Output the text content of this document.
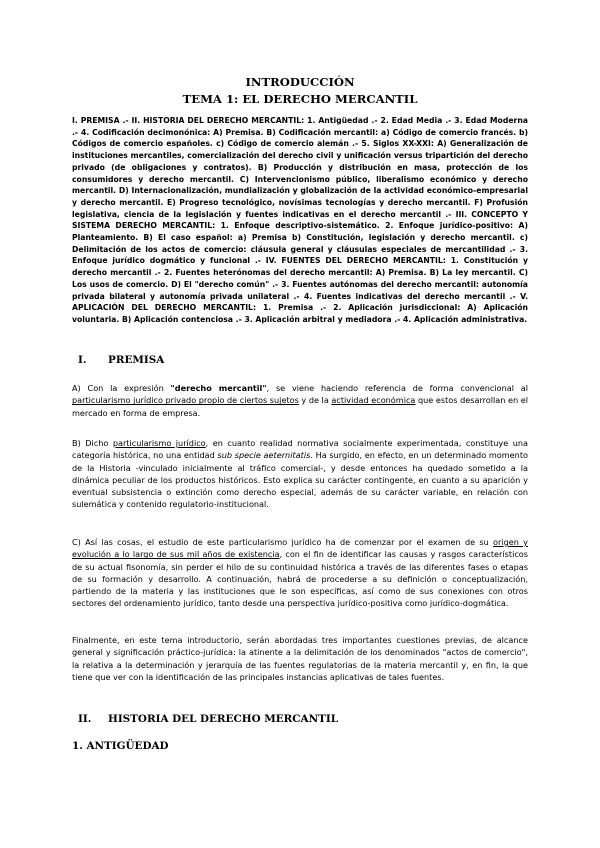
INTRODUCCIÓN
TEMA 1: EL DERECHO MERCANTIL
I. PREMISA .- II. HISTORIA DEL DERECHO MERCANTIL: 1. Antigüedad .- 2. Edad Media .- 3. Edad Moderna .- 4. Codificación decimonónica: A) Premisa. B) Codificación mercantil: a) Código de comercio francés. b) Códigos de comercio españoles. c) Código de comercio alemán .- 5. Siglos XX-XXI: A) Generalización de instituciones mercantiles, comercialización del derecho civil y unificación versus tripartición del derecho privado (de obligaciones y contratos). B) Producción y distribución en masa, protección de los consumidores y derecho mercantil. C) Intervencionismo público, liberalismo económico y derecho mercantil. D) Internacionalización, mundialización y globalización de la actividad económico-empresarial y derecho mercantil. E) Progreso tecnológico, novísimas tecnologías y derecho mercantil. F) Profusión legislativa, ciencia de la legislación y fuentes indicativas en el derecho mercantil .- III. CONCEPTO Y SISTEMA DERECHO MERCANTIL: 1. Enfoque descriptivo-sistemático. 2. Enfoque jurídico-positivo: A) Planteamiento. B) El caso español: a) Premisa b) Constitución, legislación y derecho mercantil. c) Delimitación de los actos de comercio: cláusula general y cláusulas especiales de mercantilidad .- 3. Enfoque jurídico dogmático y funcional .- IV. FUENTES DEL DERECHO MERCANTIL: 1. Constitución y derecho mercantil .- 2. Fuentes heterónomas del derecho mercantil: A) Premisa. B) La ley mercantil. C) Los usos de comercio. D) El "derecho común" .- 3. Fuentes autónomas del derecho mercantil: autonomía privada bilateral y autonomía privada unilateral .- 4. Fuentes indicativas del derecho mercantil .- V. APLICACIÓN DEL DERECHO MERCANTIL: 1. Premisa .- 2. Aplicación jurisdiccional: A) Aplicación voluntaria. B) Aplicación contenciosa .- 3. Aplicación arbitral y mediadora .- 4. Aplicación administrativa.
I. PREMISA
A) Con la expresión "derecho mercantil", se viene haciendo referencia de forma convencional al particularismo jurídico privado propio de ciertos sujetos y de la actividad económica que estos desarrollan en el mercado en forma de empresa.
B) Dicho particularismo jurídico, en cuanto realidad normativa socialmente experimentada, constituye una categoría histórica, no una entidad sub specie aeternitatis. Ha surgido, en efecto, en un determinado momento de la Historia -vinculado inicialmente al tráfico comercial-, y desde entonces ha quedado sometido a la dinámica peculiar de los productos históricos. Esto explica su carácter contingente, en cuanto a su aparición y eventual subsistencia o extinción como derecho especial, además de su carácter variable, en relación con sulemática y contenido regulatorio-institucional.
C) Así las cosas, el estudio de este particularismo jurídico ha de comenzar por el examen de su origen y evolución a lo largo de sus mil años de existencia, con el fin de identificar las causas y rasgos característicos de su actual fisonomía, sin perder el hilo de su continuidad histórica a través de las diferentes fases o etapas de su formación y desarrollo. A continuación, habrá de procederse a su definición o conceptualización, partiendo de la materia y las instituciones que le son específicas, así como de sus conexiones con otros sectores del ordenamiento jurídico, tanto desde una perspectiva jurídico-positiva como jurídico-dogmática.
Finalmente, en este tema introductorio, serán abordadas tres importantes cuestiones previas, de alcance general y significación práctico-jurídica: la atinente a la delimitación de los denominados "actos de comercio", la relativa a la determinación y jerarquía de las fuentes regulatorias de la materia mercantil y, en fin, la que tiene que ver con la identificación de las principales instancias aplicativas de tales fuentes.
II. HISTORIA DEL DERECHO MERCANTIL
1. ANTIGÜEDAD
